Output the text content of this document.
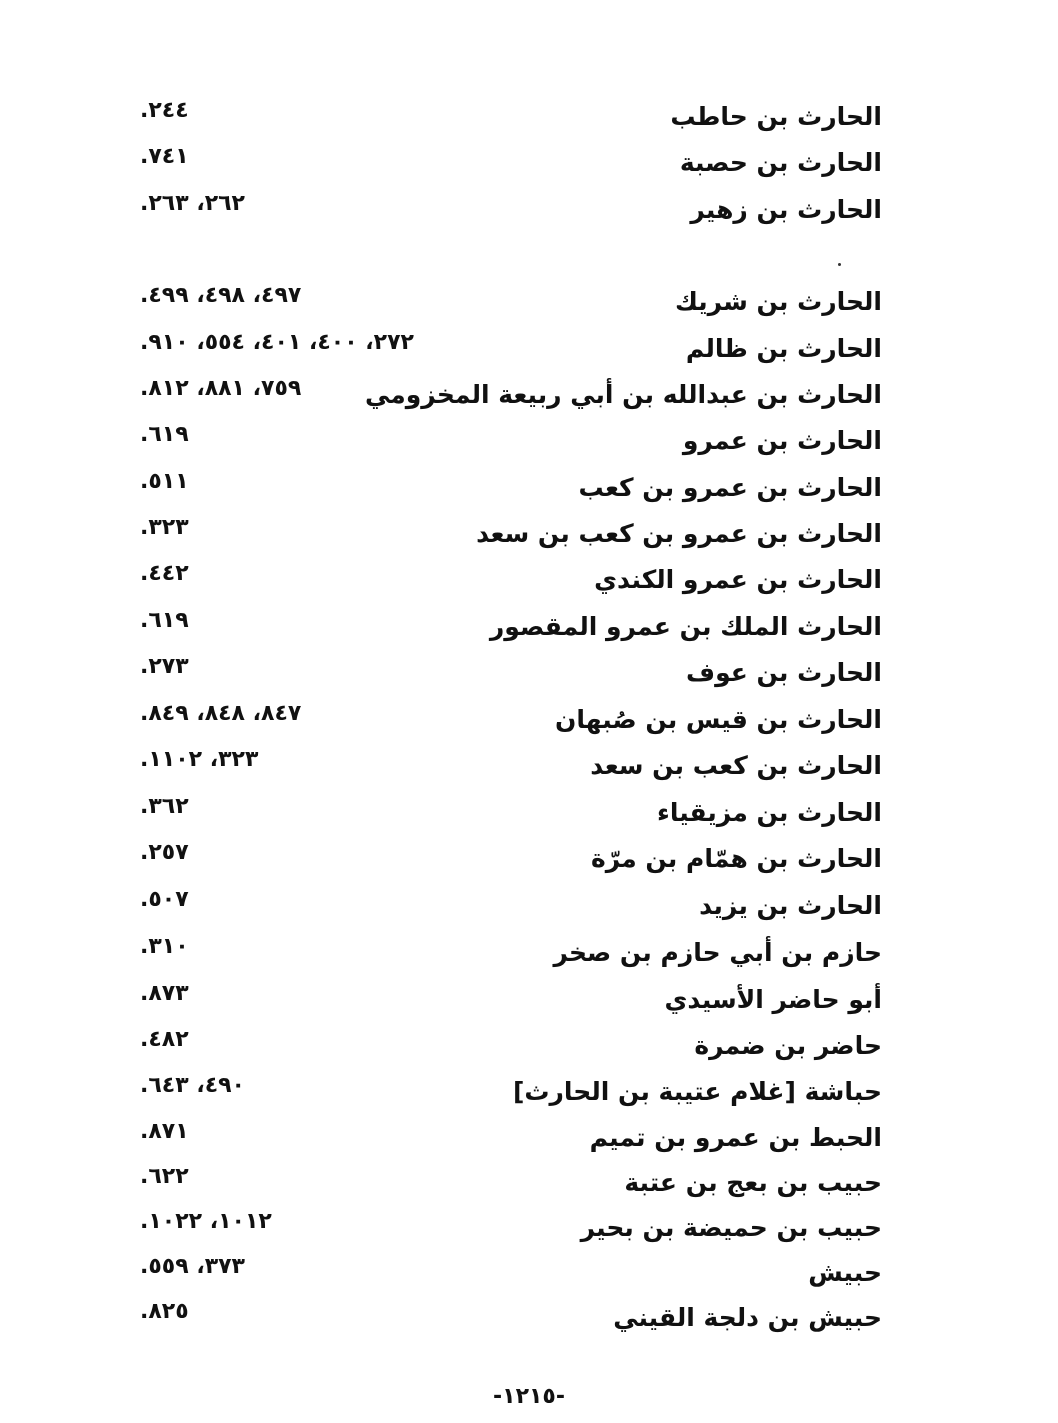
الحارث بن حاطب
٢٤٤.
الحارث بن حصبة
٧٤١.
الحارث بن زهير
٢٦٢، ٢٦٣.
الحارث بن شريك
٤٩٧، ٤٩٨، ٤٩٩.
الحارث بن ظالم
٢٧٢، ٤٠٠، ٤٠١، ٥٥٤، ٩١٠.
الحارث بن عبدالله بن أبي ربيعة المخزومي
٧٥٩، ٨٨١، ٨١٢.
الحارث بن عمرو
٦١٩.
الحارث بن عمرو بن كعب
٥١١.
الحارث بن عمرو بن كعب بن سعد
٣٢٣.
الحارث بن عمرو الكندي
٤٤٢.
الحارث الملك بن عمرو المقصور
٦١٩.
الحارث بن عوف
٢٧٣.
الحارث بن قيس بن صُبهان
٨٤٧، ٨٤٨، ٨٤٩.
الحارث بن كعب بن سعد
٣٢٣، ١١٠٢.
الحارث بن مزيقياء
٣٦٢.
الحارث بن همّام بن مرّة
٢٥٧.
الحارث بن يزيد
٥٠٧.
حازم بن أبي حازم بن صخر
٣١٠.
أبو حاضر الأسيدي
٨٧٣.
حاضر بن ضمرة
٤٨٢.
حباشة [غلام عتيبة بن الحارث]
٤٩٠، ٦٤٣.
الحبط بن عمرو بن تميم
٨٧١.
حبيب بن بعج بن عتبة
٦٢٢.
حبيب بن حميضة بن بحير
١٠١٢، ١٠٢٢.
حبيش
٣٧٣، ٥٥٩.
حبيش بن دلجة القيني
٨٢٥.
-١٢١٥-
